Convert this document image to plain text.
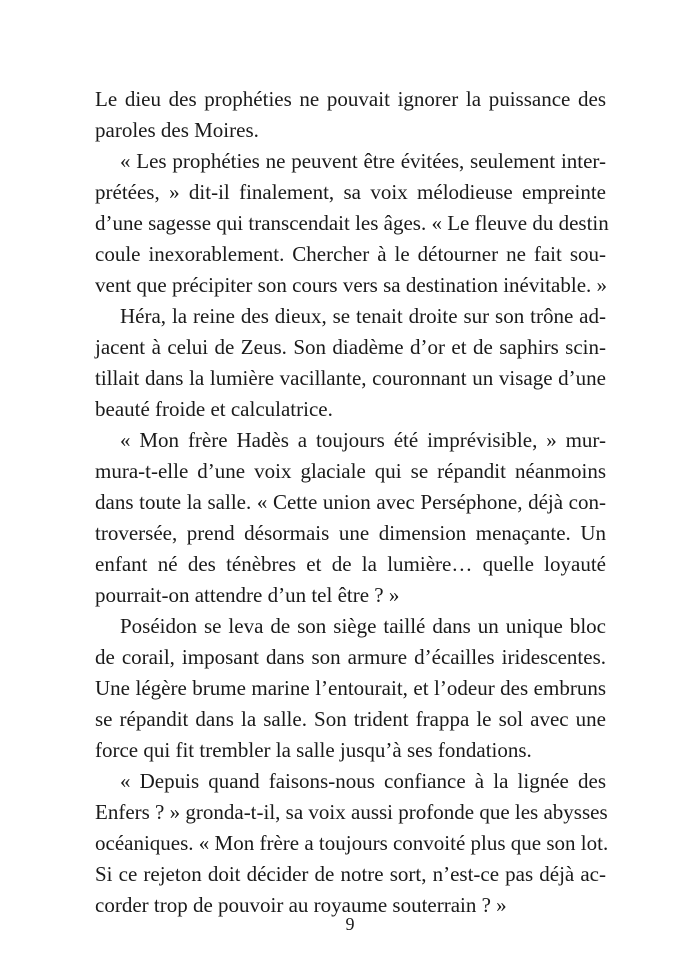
Le dieu des prophéties ne pouvait ignorer la puissance des
paroles des Moires.
« Les prophéties ne peuvent être évitées, seulement inter-
prétées, » dit-il finalement, sa voix mélodieuse empreinte
d’une sagesse qui transcendait les âges. « Le fleuve du destin
coule inexorablement. Chercher à le détourner ne fait sou-
vent que précipiter son cours vers sa destination inévitable. »
Héra, la reine des dieux, se tenait droite sur son trône ad-
jacent à celui de Zeus. Son diadème d’or et de saphirs scin-
tillait dans la lumière vacillante, couronnant un visage d’une
beauté froide et calculatrice.
« Mon frère Hadès a toujours été imprévisible, » mur-
mura-t-elle d’une voix glaciale qui se répandit néanmoins
dans toute la salle. « Cette union avec Perséphone, déjà con-
troversée, prend désormais une dimension menaçante. Un
enfant né des ténèbres et de la lumière… quelle loyauté
pourrait-on attendre d’un tel être ? »
Poséidon se leva de son siège taillé dans un unique bloc
de corail, imposant dans son armure d’écailles iridescentes.
Une légère brume marine l’entourait, et l’odeur des embruns
se répandit dans la salle. Son trident frappa le sol avec une
force qui fit trembler la salle jusqu’à ses fondations.
« Depuis quand faisons-nous confiance à la lignée des
Enfers ? » gronda-t-il, sa voix aussi profonde que les abysses
océaniques. « Mon frère a toujours convoité plus que son lot.
Si ce rejeton doit décider de notre sort, n’est-ce pas déjà ac-
corder trop de pouvoir au royaume souterrain ? »
9
